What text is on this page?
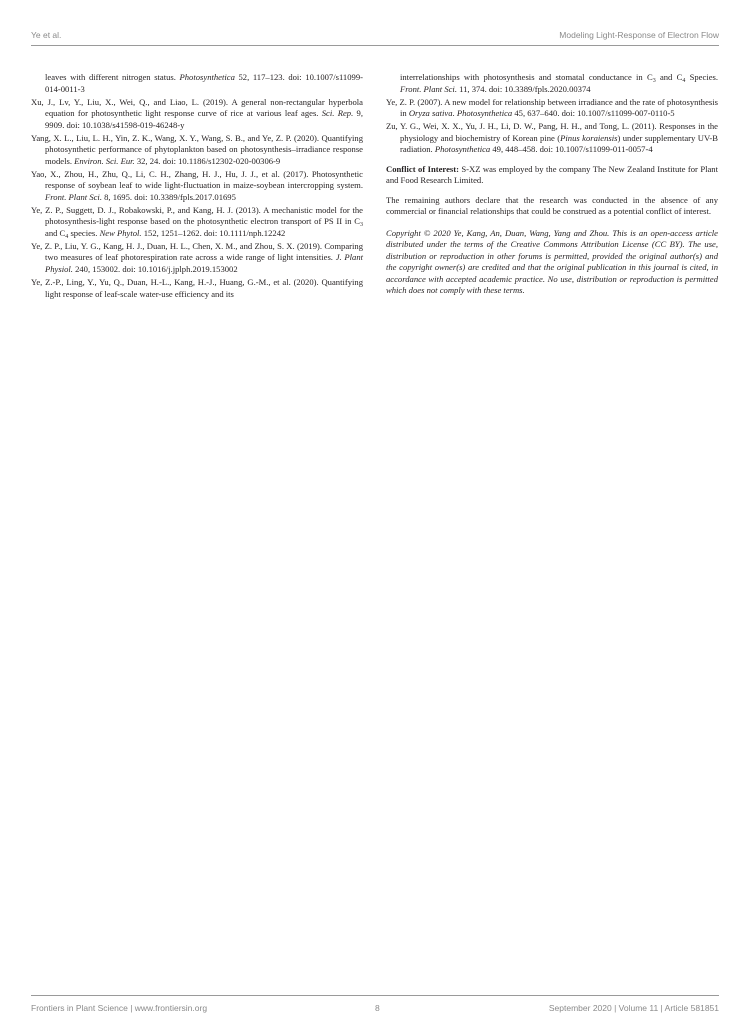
Ye et al.	Modeling Light-Response of Electron Flow

leaves with different nitrogen status. Photosynthetica 52, 117–123. doi: 10.1007/s11099-014-0011-3

Xu, J., Lv, Y., Liu, X., Wei, Q., and Liao, L. (2019). A general non-rectangular hyperbola equation for photosynthetic light response curve of rice at various leaf ages. Sci. Rep. 9, 9909. doi: 10.1038/s41598-019-46248-y

Yang, X. L., Liu, L. H., Yin, Z. K., Wang, X. Y., Wang, S. B., and Ye, Z. P. (2020). Quantifying photosynthetic performance of phytoplankton based on photosynthesis–irradiance response models. Environ. Sci. Eur. 32, 24. doi: 10.1186/s12302-020-00306-9

Yao, X., Zhou, H., Zhu, Q., Li, C. H., Zhang, H. J., Hu, J. J., et al. (2017). Photosynthetic response of soybean leaf to wide light-fluctuation in maize-soybean intercropping system. Front. Plant Sci. 8, 1695. doi: 10.3389/fpls.2017.01695

Ye, Z. P., Suggett, D. J., Robakowski, P., and Kang, H. J. (2013). A mechanistic model for the photosynthesis-light response based on the photosynthetic electron transport of PS II in $C_3$ and $C_4$ species. New Phytol. 152, 1251–1262. doi: 10.1111/nph.12242

Ye, Z. P., Liu, Y. G., Kang, H. J., Duan, H. L., Chen, X. M., and Zhou, S. X. (2019). Comparing two measures of leaf photorespiration rate across a wide range of light intensities. J. Plant Physiol. 240, 153002. doi: 10.1016/j.jplph.2019.153002

Ye, Z.-P., Ling, Y., Yu, Q., Duan, H.-L., Kang, H.-J., Huang, G.-M., et al. (2020). Quantifying light response of leaf-scale water-use efficiency and its

interrelationships with photosynthesis and stomatal conductance in $C_3$ and $C_4$ Species. Front. Plant Sci. 11, 374. doi: 10.3389/fpls.2020.00374

Ye, Z. P. (2007). A new model for relationship between irradiance and the rate of photosynthesis in Oryza sativa. Photosynthetica 45, 637–640. doi: 10.1007/s11099-007-0110-5

Zu, Y. G., Wei, X. X., Yu, J. H., Li, D. W., Pang, H. H., and Tong, L. (2011). Responses in the physiology and biochemistry of Korean pine (Pinus koraiensis) under supplementary UV-B radiation. Photosynthetica 49, 448–458. doi: 10.1007/s11099-011-0057-4

Conflict of Interest: S-XZ was employed by the company The New Zealand Institute for Plant and Food Research Limited.

The remaining authors declare that the research was conducted in the absence of any commercial or financial relationships that could be construed as a potential conflict of interest.

Copyright © 2020 Ye, Kang, An, Duan, Wang, Yang and Zhou. This is an open-access article distributed under the terms of the Creative Commons Attribution License (CC BY). The use, distribution or reproduction in other forums is permitted, provided the original author(s) and the copyright owner(s) are credited and that the original publication in this journal is cited, in accordance with accepted academic practice. No use, distribution or reproduction is permitted which does not comply with these terms.

Frontiers in Plant Science | www.frontiersin.org	8	September 2020 | Volume 11 | Article 581851
